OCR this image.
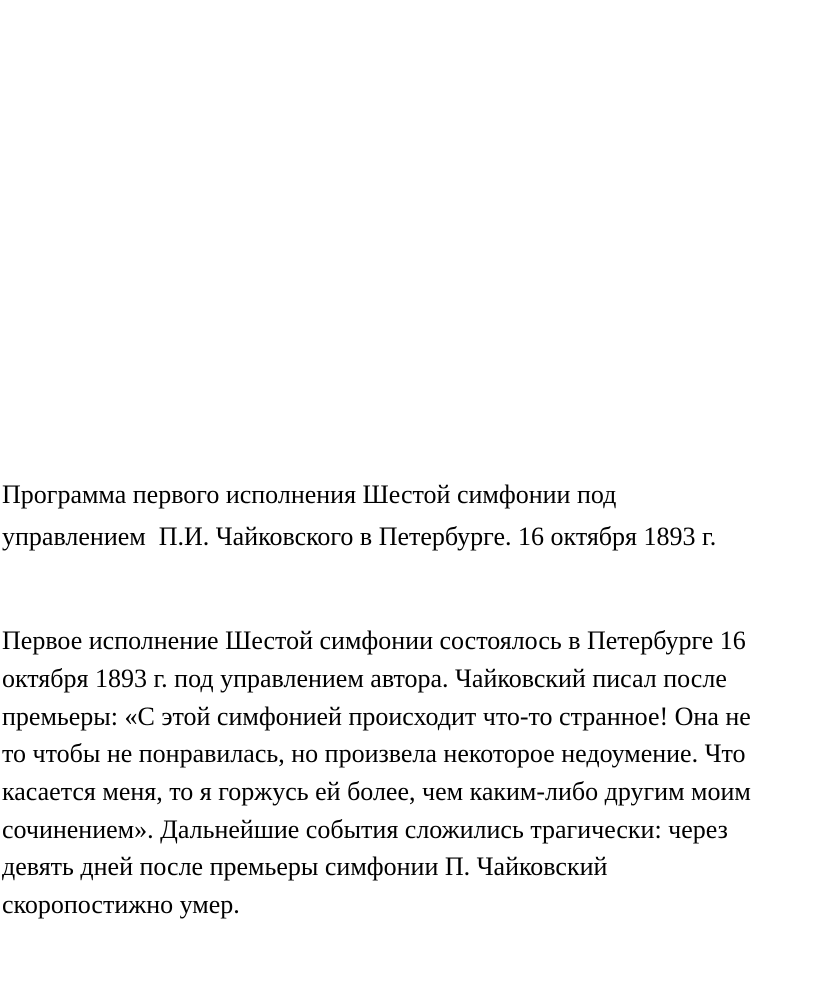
Программа первого исполнения Шестой симфонии под
управлением  П.И. Чайковского в Петербурге. 16 октября 1893 г.
Первое исполнение Шестой симфонии состоялось в Петербурге 16
октября 1893 г. под управлением автора. Чайковский писал после
премьеры: «С этой симфонией происходит что-то странное! Она не
то чтобы не понравилась, но произвела некоторое недоумение. Что
касается меня, то я горжусь ей более, чем каким-либо другим моим
сочинением». Дальнейшие события сложились трагически: через
девять дней после премьеры симфонии П. Чайковский
скоропостижно умер.
